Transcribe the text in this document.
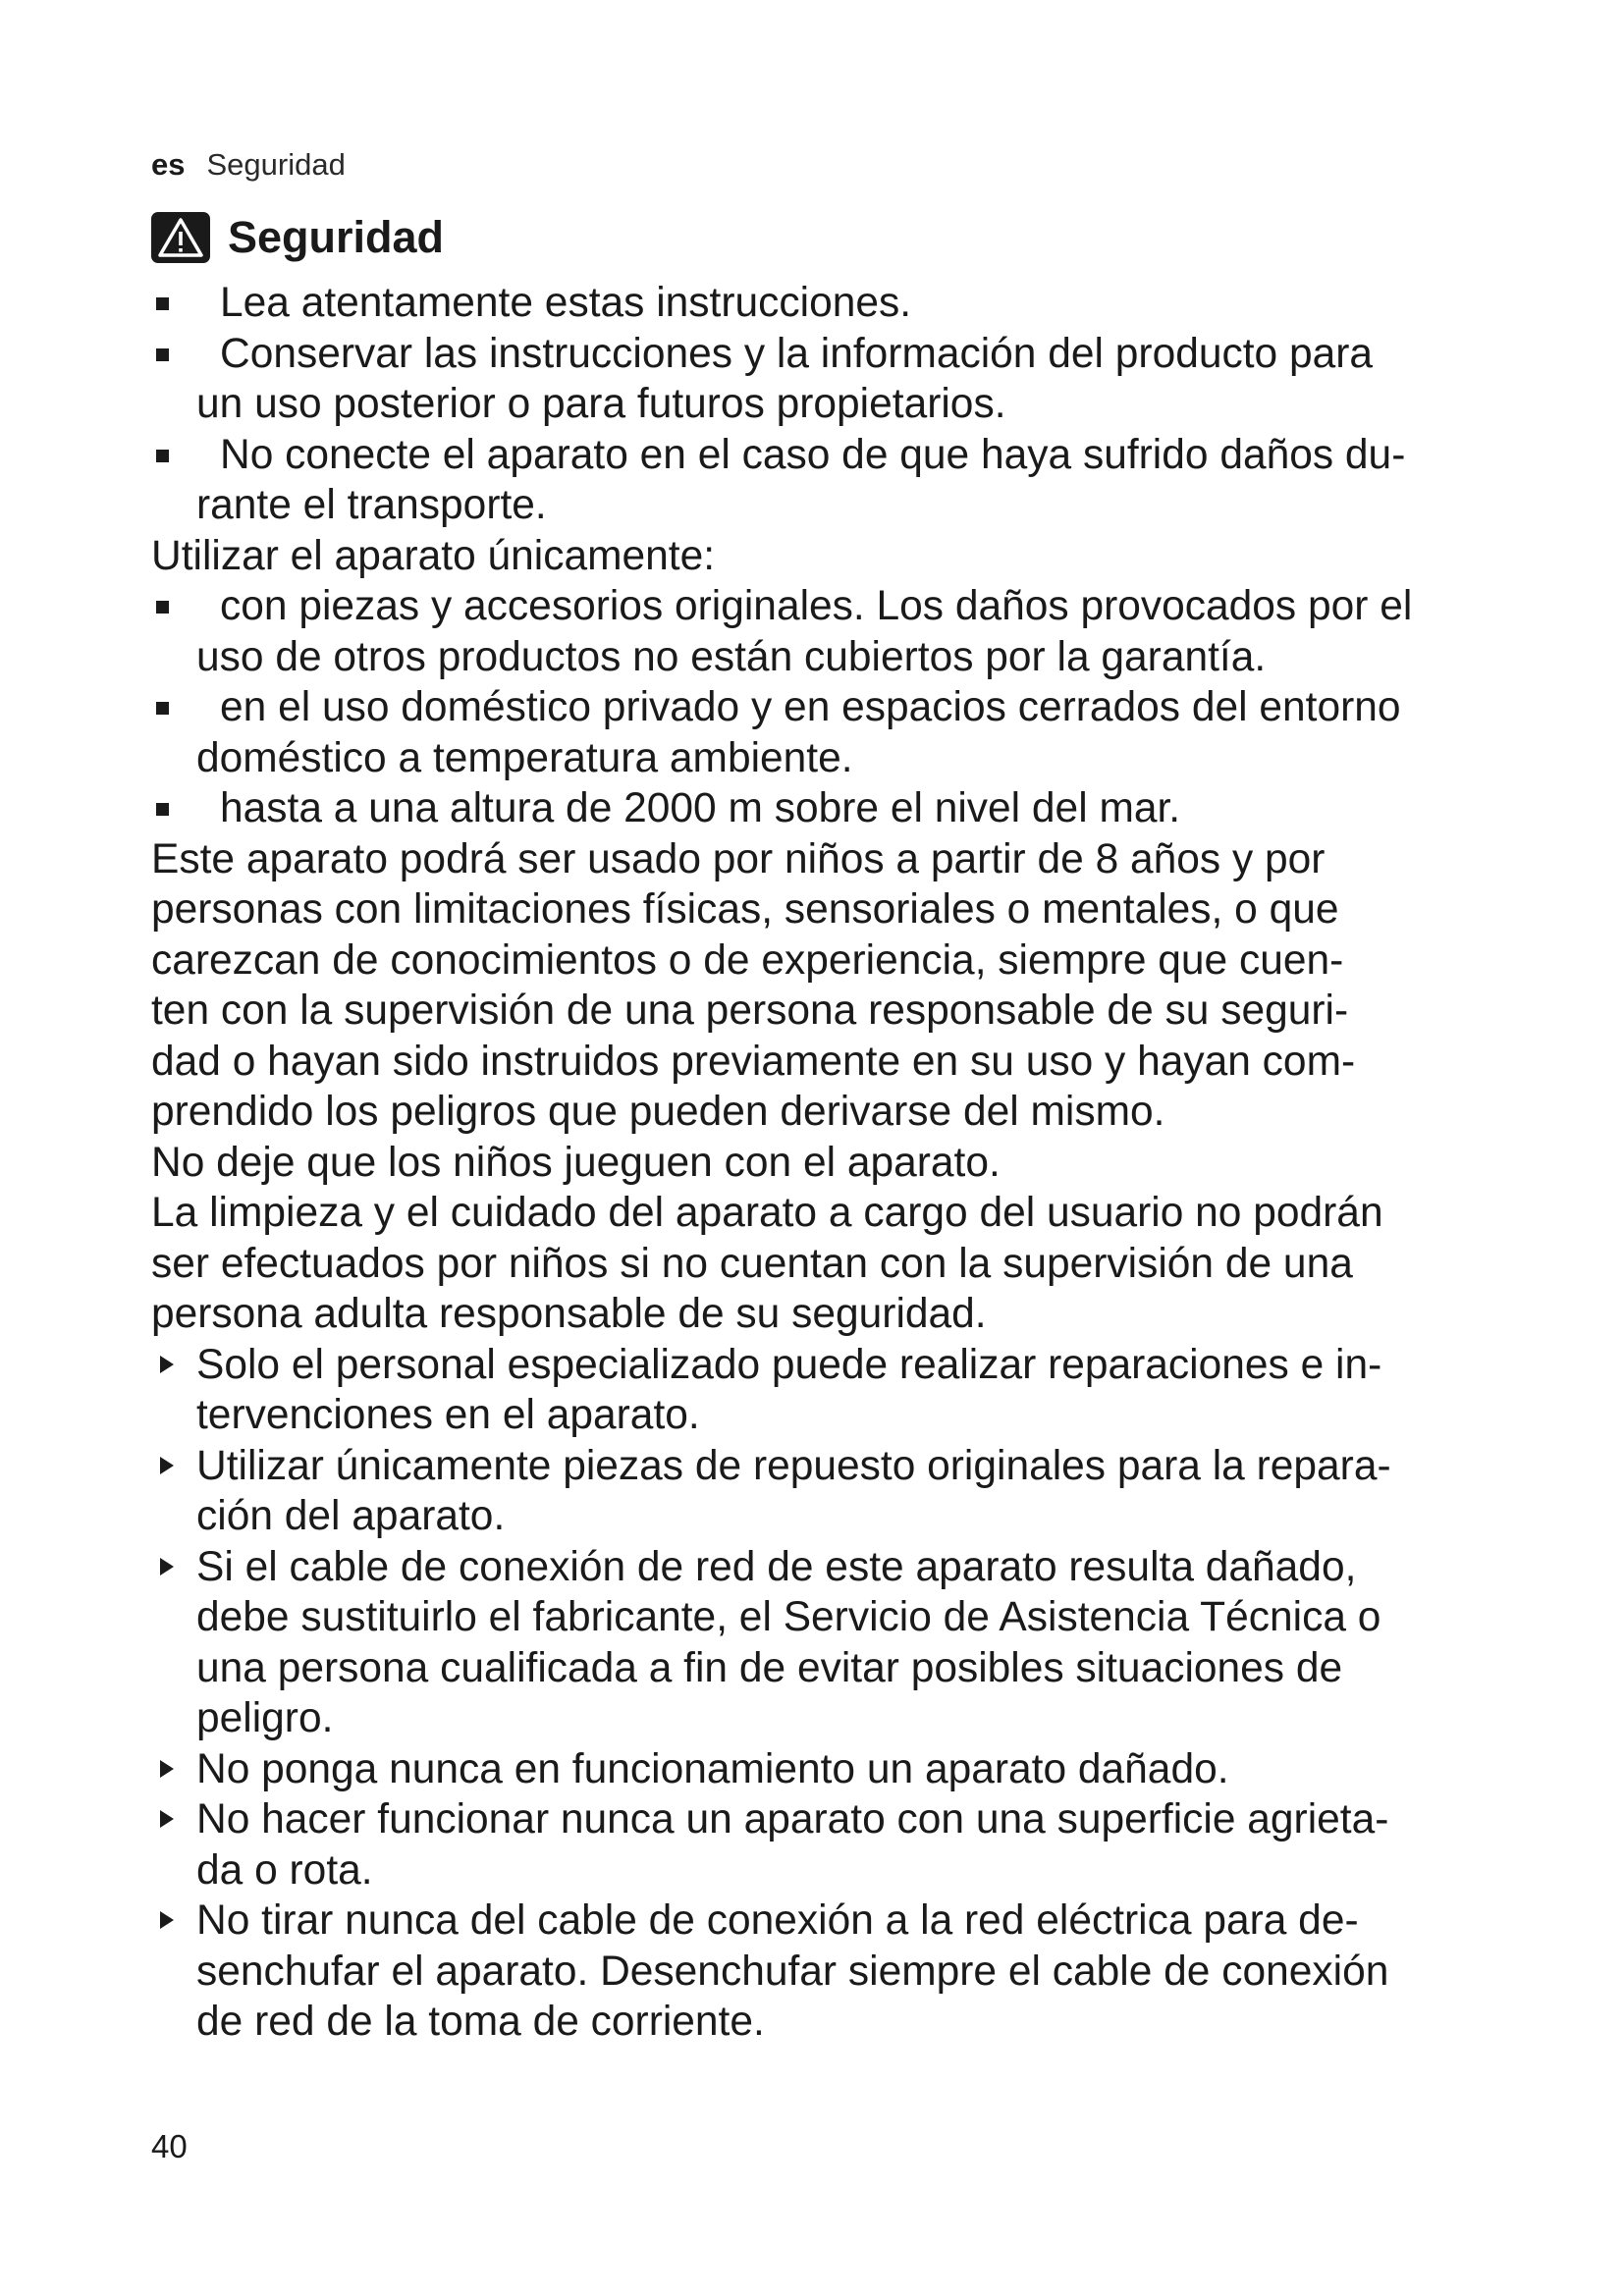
es Seguridad
Seguridad
Lea atentamente estas instrucciones.
Conservar las instrucciones y la información del producto para
un uso posterior o para futuros propietarios.
No conecte el aparato en el caso de que haya sufrido daños du-
rante el transporte.
Utilizar el aparato únicamente:
con piezas y accesorios originales. Los daños provocados por el
uso de otros productos no están cubiertos por la garantía.
en el uso doméstico privado y en espacios cerrados del entorno
doméstico a temperatura ambiente.
hasta a una altura de 2000 m sobre el nivel del mar.
Este aparato podrá ser usado por niños a partir de 8 años y por
personas con limitaciones físicas, sensoriales o mentales, o que
carezcan de conocimientos o de experiencia, siempre que cuen-
ten con la supervisión de una persona responsable de su seguri-
dad o hayan sido instruidos previamente en su uso y hayan com-
prendido los peligros que pueden derivarse del mismo.
No deje que los niños jueguen con el aparato.
La limpieza y el cuidado del aparato a cargo del usuario no podrán
ser efectuados por niños si no cuentan con la supervisión de una
persona adulta responsable de su seguridad.
Solo el personal especializado puede realizar reparaciones e in-
tervenciones en el aparato.
Utilizar únicamente piezas de repuesto originales para la repara-
ción del aparato.
Si el cable de conexión de red de este aparato resulta dañado,
debe sustituirlo el fabricante, el Servicio de Asistencia Técnica o
una persona cualificada a fin de evitar posibles situaciones de
peligro.
No ponga nunca en funcionamiento un aparato dañado.
No hacer funcionar nunca un aparato con una superficie agrieta-
da o rota.
No tirar nunca del cable de conexión a la red eléctrica para de-
senchufar el aparato. Desenchufar siempre el cable de conexión
de red de la toma de corriente.
40
